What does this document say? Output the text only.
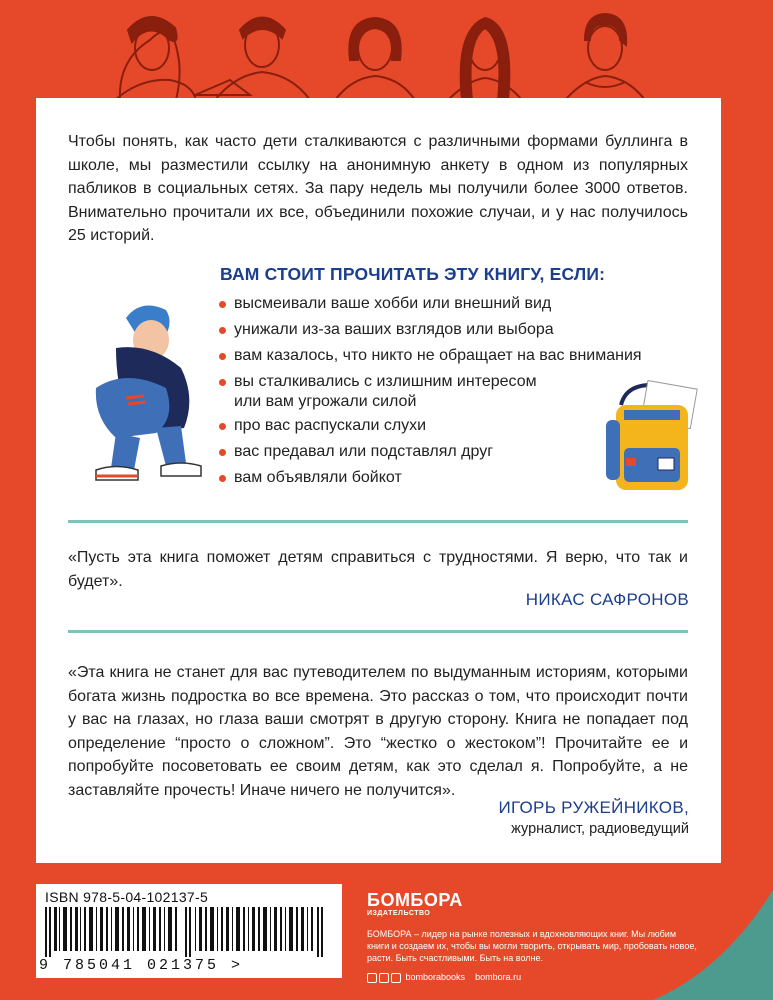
Чтобы понять, как часто дети сталкиваются с различными формами буллинга в школе, мы разместили ссылку на анонимную анкету в одном из популярных пабликов в социальных сетях. За пару недель мы получили более 3000 ответов. Внимательно прочитали их все, объединили похожие случаи, и у нас получилось 25 историй.

ВАМ СТОИТ ПРОЧИТАТЬ ЭТУ КНИГУ, ЕСЛИ:

высмеивали ваше хобби или внешний вид
унижали из-за ваших взглядов или выбора
вам казалось, что никто не обращает на вас внимания
вы сталкивались с излишним интересом
или вам угрожали силой
про вас распускали слухи
вас предавал или подставлял друг
вам объявляли бойкот

«Пусть эта книга поможет детям справиться с трудностями. Я верю, что так и будет».

НИКАС САФРОНОВ

«Эта книга не станет для вас путеводителем по выдуманным историям, которыми богата жизнь подростка во все времена. Это рассказ о том, что происходит почти у вас на глазах, но глаза ваши смотрят в другую сторону. Книга не попадает под определение “просто о сложном”. Это “жестко о жестоком”! Прочитайте ее и попробуйте посоветовать ее своим детям, как это сделал я. Попробуйте, а не заставляйте прочесть! Иначе ничего не получится».

ИГОРЬ РУЖЕЙНИКОВ,
журналист, радиоведущий
ISBN 978-5-04-102137-5
9 785041 021375 >
БОМБОРА
ИЗДАТЕЛЬСТВО
БОМБОРА – лидер на рынке полезных и вдохновляющих книг. Мы любим книги и создаем их, чтобы вы могли творить, открывать мир, пробовать новое, расти. Быть счастливыми. Быть на волне.
bomborabooks bombora.ru
